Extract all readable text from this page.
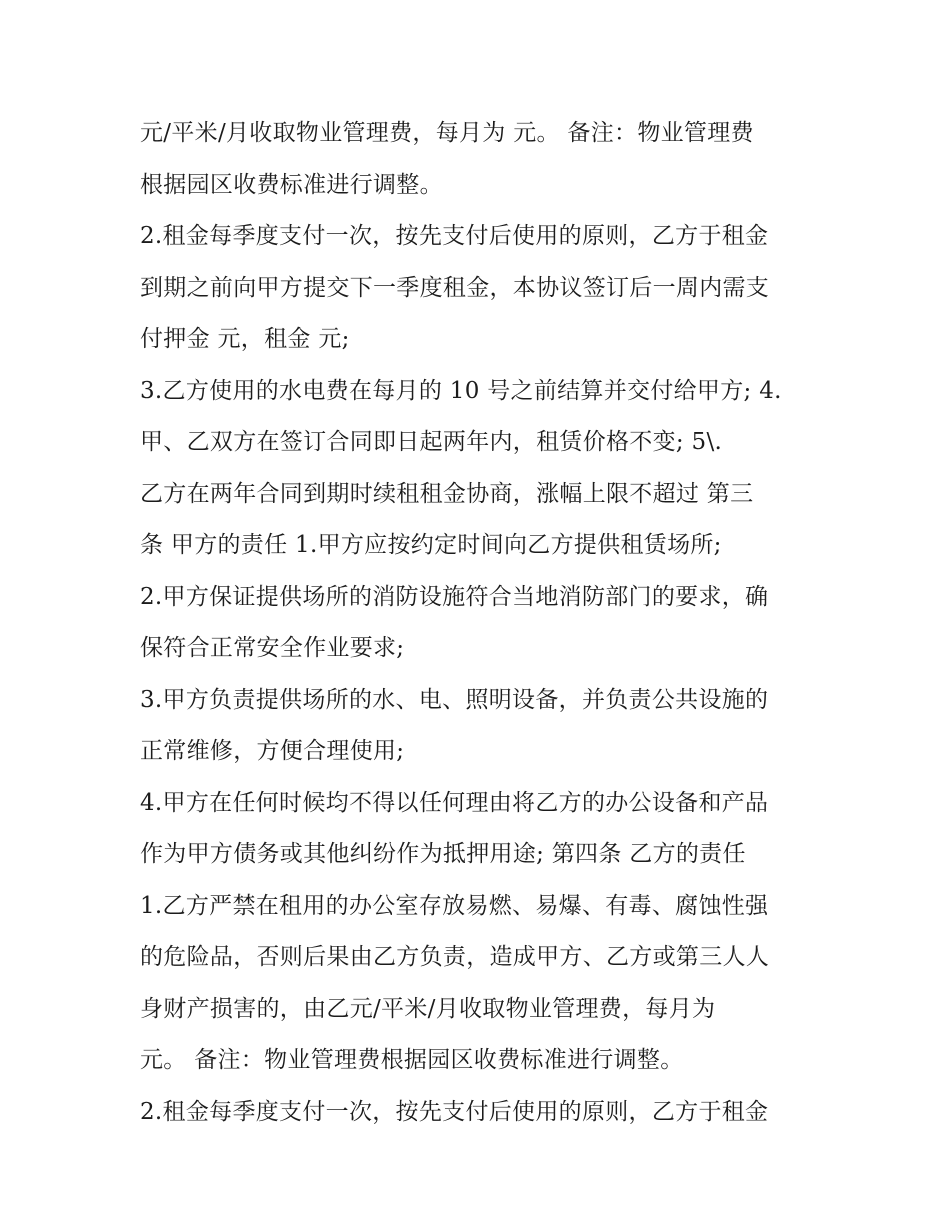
元/平米/月收取物业管理费，每月为 元。 备注：物业管理费
根据园区收费标准进行调整。
2.租金每季度支付一次，按先支付后使用的原则，乙方于租金
到期之前向甲方提交下一季度租金，本协议签订后一周内需支
付押金 元，租金 元;
3.乙方使用的水电费在每月的 10 号之前结算并交付给甲方; 4.
甲、乙双方在签订合同即日起两年内，租赁价格不变; 5\.
乙方在两年合同到期时续租租金协商，涨幅上限不超过 第三
条 甲方的责任 1.甲方应按约定时间向乙方提供租赁场所;
2.甲方保证提供场所的消防设施符合当地消防部门的要求，确
保符合正常安全作业要求;
3.甲方负责提供场所的水、电、照明设备，并负责公共设施的
正常维修，方便合理使用;
4.甲方在任何时候均不得以任何理由将乙方的办公设备和产品
作为甲方债务或其他纠纷作为抵押用途; 第四条 乙方的责任
1.乙方严禁在租用的办公室存放易燃、易爆、有毒、腐蚀性强
的危险品，否则后果由乙方负责，造成甲方、乙方或第三人人
身财产损害的，由乙元/平米/月收取物业管理费，每月为
元。 备注：物业管理费根据园区收费标准进行调整。
2.租金每季度支付一次，按先支付后使用的原则，乙方于租金
